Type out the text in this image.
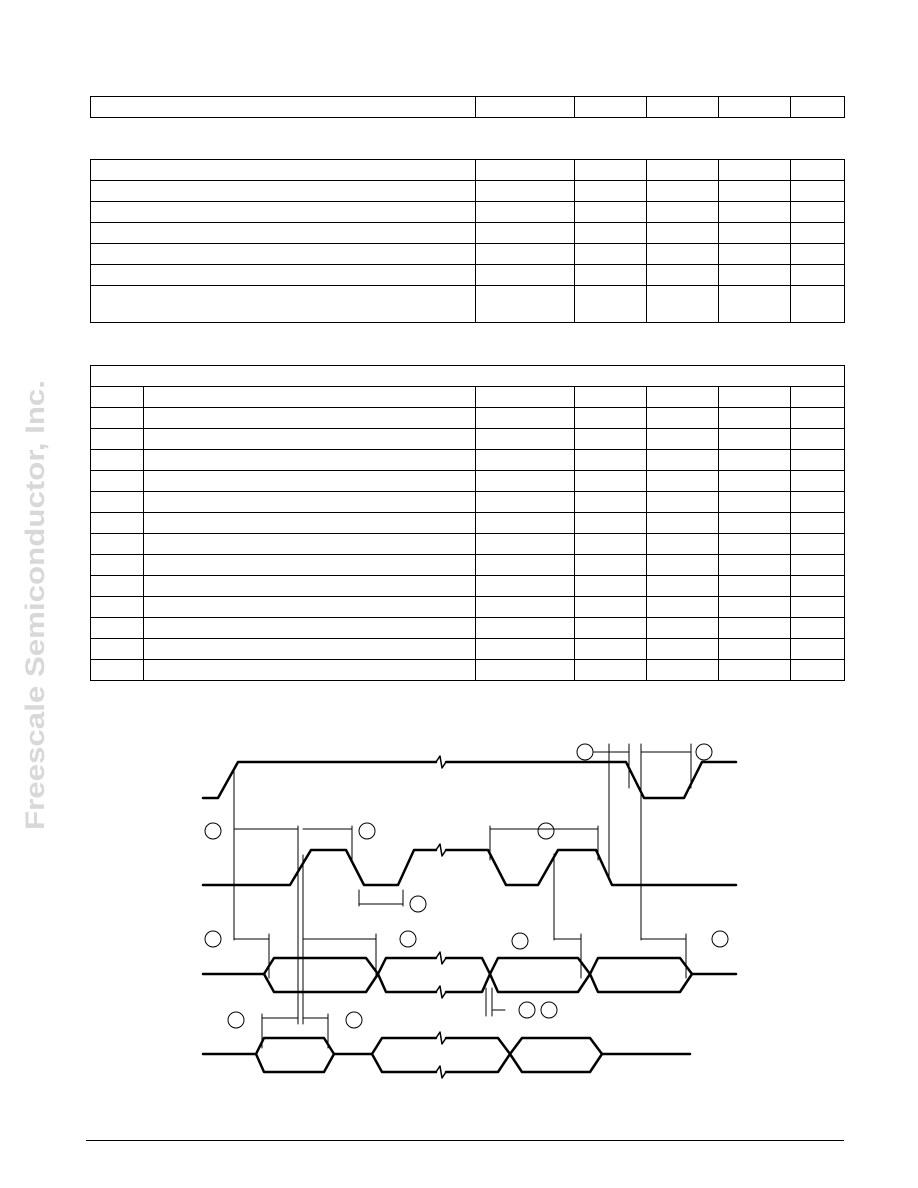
Freescale Semiconductor, Inc.
